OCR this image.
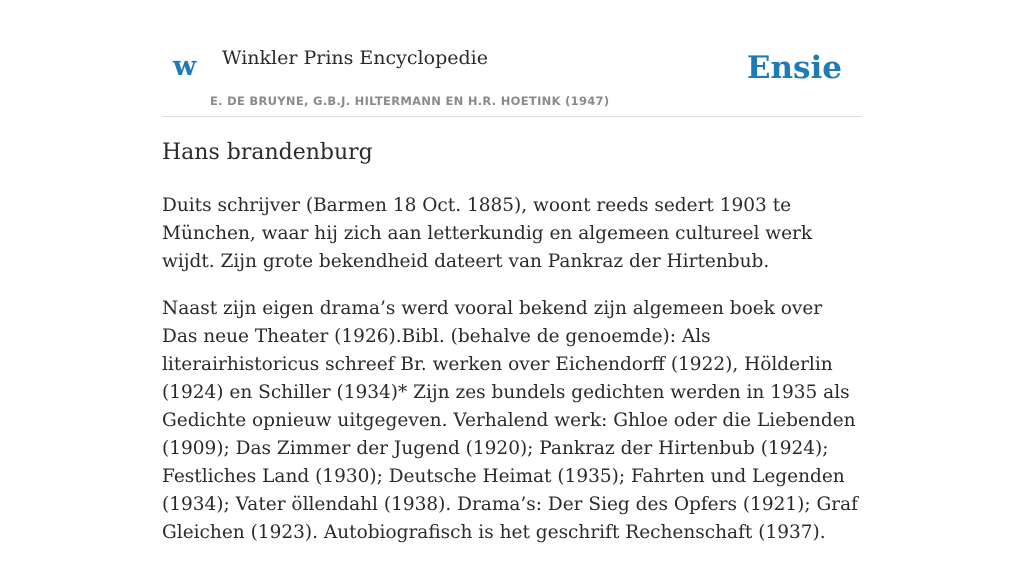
w Winkler Prins Encyclopedie
E. DE BRUYNE, G.B.J. HILTERMANN EN H.R. HOETINK (1947)
Ensie
Hans brandenburg

Duits schrijver (Barmen 18 Oct. 1885), woont reeds sedert 1903 te München, waar hij zich aan letterkundig en algemeen cultureel werk wijdt. Zijn grote bekendheid dateert van Pankraz der Hirtenbub.

Naast zijn eigen drama’s werd vooral bekend zijn algemeen boek over Das neue Theater (1926).Bibl. (behalve de genoemde): Als literairhistoricus schreef Br. werken over Eichendorff (1922), Hölderlin (1924) en Schiller (1934)* Zijn zes bundels gedichten werden in 1935 als Gedichte opnieuw uitgegeven. Verhalend werk: Ghloe oder die Liebenden (1909); Das Zimmer der Jugend (1920); Pankraz der Hirtenbub (1924); Festliches Land (1930); Deutsche Heimat (1935); Fahrten und Legenden (1934); Vater öllendahl (1938). Drama’s: Der Sieg des Opfers (1921); Graf Gleichen (1923). Autobiografisch is het geschrift Rechenschaft (1937).
